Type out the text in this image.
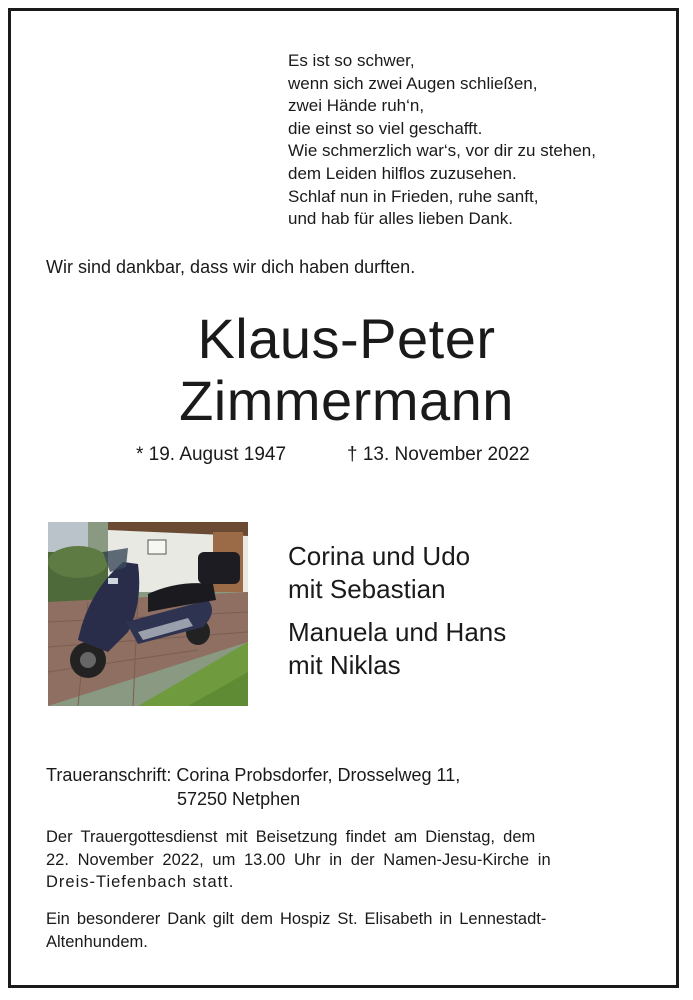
Es ist so schwer,
wenn sich zwei Augen schließen,
zwei Hände ruh‘n,
die einst so viel geschafft.
Wie schmerzlich war‘s, vor dir zu stehen,
dem Leiden hilflos zuzusehen.
Schlaf nun in Frieden, ruhe sanft,
und hab für alles lieben Dank.
Wir sind dankbar, dass wir dich haben durften.
Klaus-Peter
Zimmermann
* 19. August 1947	† 13. November 2022
Corina und Udo
mit Sebastian
Manuela und Hans
mit Niklas
Traueranschrift: Corina Probsdorfer, Drosselweg 11,
57250 Netphen
Der Trauergottesdienst mit Beisetzung findet am Dienstag, dem
22. November 2022, um 13.00 Uhr in der Namen-Jesu-Kirche in
Dreis-Tiefenbach statt.
Ein besonderer Dank gilt dem Hospiz St. Elisabeth in Lennestadt-
Altenhundem.
